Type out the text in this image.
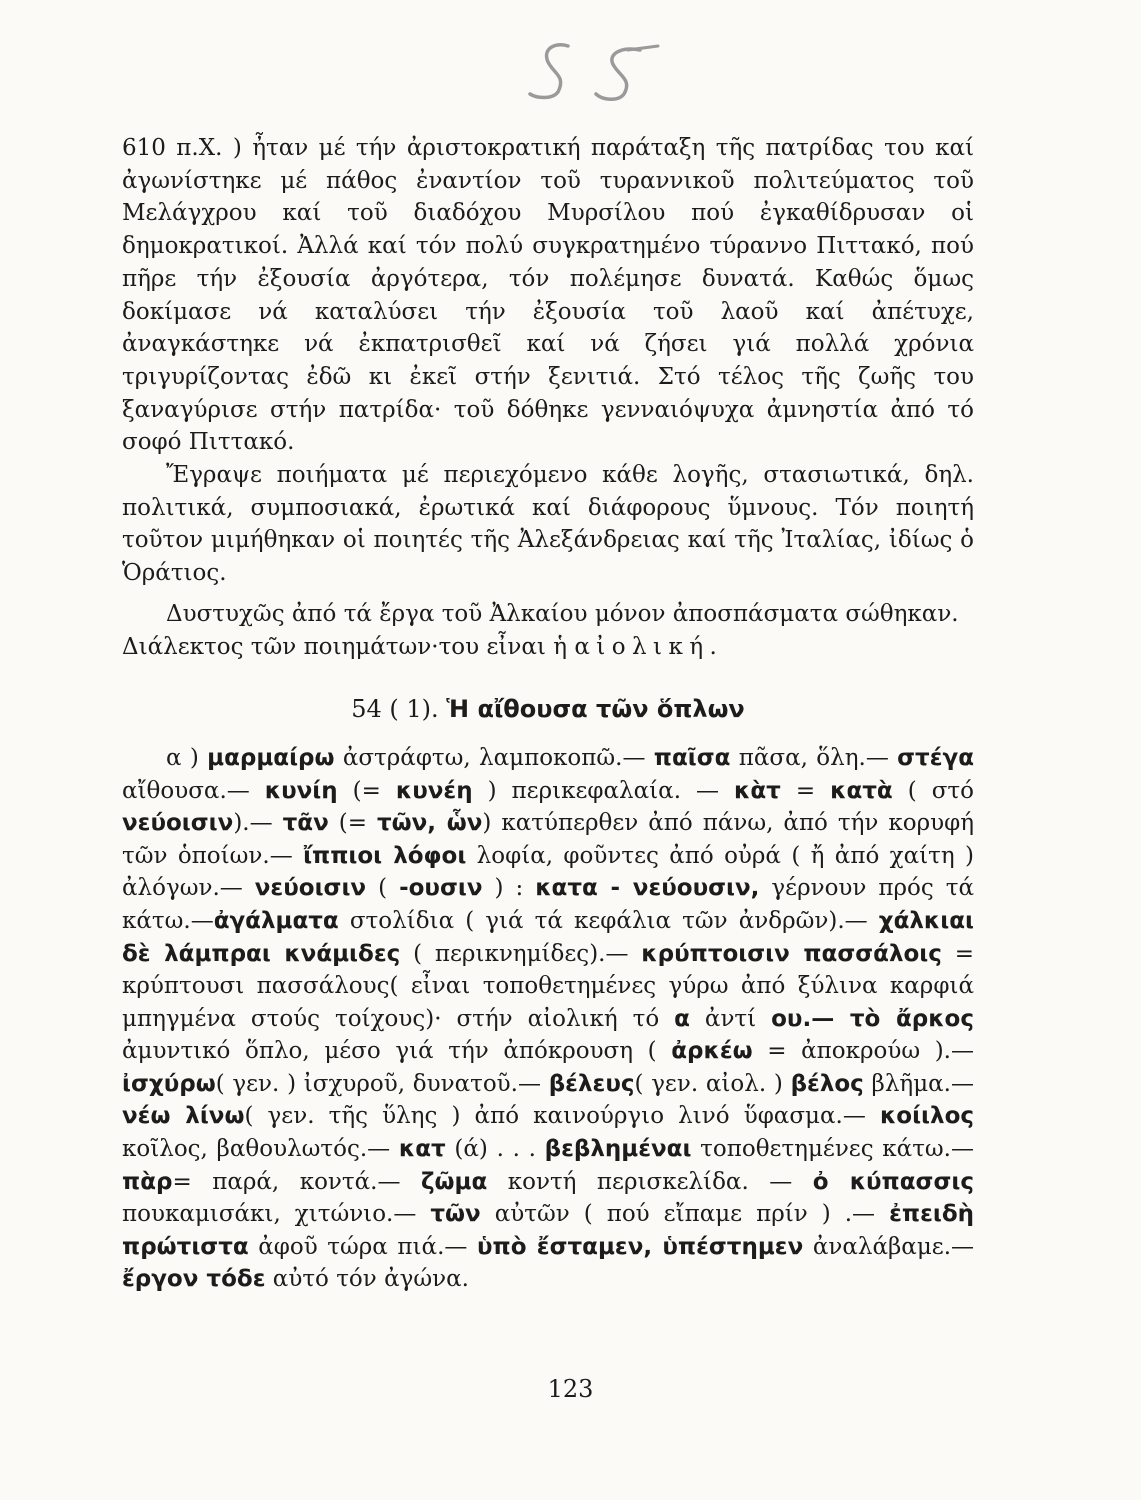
610 π.Χ. ) ἦταν μέ τήν ἀριστοκρατική παράταξη τῆς πατρίδας του καί ἀγωνίστηκε μέ πάθος ἐναντίον τοῦ τυραννικοῦ πολιτεύματος τοῦ Μελάγχρου καί τοῦ διαδόχου Μυρσίλου πού ἐγκαθίδρυσαν οἱ δημοκρατικοί. Ἀλλά καί τόν πολύ συγκρατημένο τύραννο Πιττακό, πού πῆρε τήν ἐξουσία ἀργότερα, τόν πολέμησε δυνατά. Καθώς ὅμως δοκίμασε νά καταλύσει τήν ἐξουσία τοῦ λαοῦ καί ἀπέτυχε, ἀναγκάστηκε νά ἐκπατρισθεῖ καί νά ζήσει γιά πολλά χρόνια τριγυρίζοντας ἐδῶ κι ἐκεῖ στήν ξενιτιά. Στό τέλος τῆς ζωῆς του ξαναγύρισε στήν πατρίδα· τοῦ δόθηκε γενναιόψυχα ἀμνηστία ἀπό τό σοφό Πιττακό.

Ἔγραψε ποιήματα μέ περιεχόμενο κάθε λογῆς, στασιωτικά, δηλ. πολιτικά, συμποσιακά, ἐρωτικά καί διάφορους ὕμνους. Τόν ποιητή τοῦτον μιμήθηκαν οἱ ποιητές τῆς Ἀλεξάνδρειας καί τῆς Ἰταλίας, ἰδίως ὁ Ὁράτιος.

Δυστυχῶς ἀπό τά ἔργα τοῦ Ἀλκαίου μόνον ἀποσπάσματα σώθηκαν.

Διάλεκτος τῶν ποιημάτων·του εἶναι ἡ αἰολική.

54 ( 1). Ἡ αἴθουσα τῶν ὅπλων

α ) μαρμαίρω ἀστράφτω, λαμποκοπῶ.— παῖσα πᾶσα, ὅλη.— στέγα αἴθουσα.— κυνίη (= κυνέη ) περικεφαλαία. — κὰτ = κατὰ ( στό νεύοισιν).— τᾶν (= τῶν, ὧν) κατύπερθεν ἀπό πάνω, ἀπό τήν κορυφή τῶν ὁποίων.— ἴππιοι λόφοι λοφία, φοῦντες ἀπό οὐρά ( ἤ ἀπό χαίτη ) ἀλόγων.— νεύοισιν ( -ουσιν ) : κατα - νεύουσιν, γέρνουν πρός τά κάτω.—ἀγάλματα στολίδια ( γιά τά κεφάλια τῶν ἀνδρῶν).— χάλκιαι δὲ λάμπραι κνάμιδες ( περικνημίδες).— κρύπτοισιν πασσάλοις = κρύπτουσι πασσάλους( εἶναι τοποθετημένες γύρω ἀπό ξύλινα καρφιά μπηγμένα στούς τοίχους)· στήν αἰολική τό α ἀντί ου.— τὸ ἄρκος ἀμυντικό ὅπλο, μέσο γιά τήν ἀπόκρουση ( ἀρκέω = ἀποκρούω ).— ἰσχύρω( γεν. ) ἰσχυροῦ, δυνατοῦ.— βέλευς( γεν. αἰολ. ) βέλος βλῆμα.— νέω λίνω( γεν. τῆς ὕλης ) ἀπό καινούργιο λινό ὕφασμα.— κοίιλος κοῖλος, βαθουλωτός.— κατ (ά) . . . βεβλημέναι τοποθετημένες κάτω.— πὰρ= παρά, κοντά.— ζῶμα κοντή περισκελίδα. — ὀ κύπασσις πουκαμισάκι, χιτώνιο.— τῶν αὐτῶν ( πού εἴπαμε πρίν ) .— ἐπειδὴ πρώτιστα ἀφοῦ τώρα πιά.— ὑπὸ ἔσταμεν, ὑπέστημεν ἀναλάβαμε.— ἔργον τόδε αὐτό τόν ἀγώνα.

123
